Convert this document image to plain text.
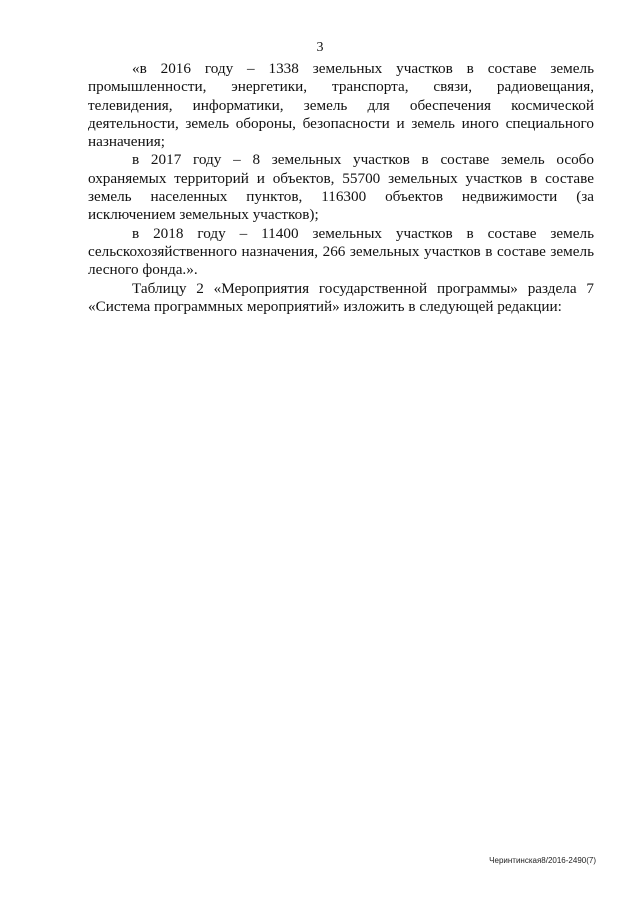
3

«в 2016 году – 1338 земельных участков в составе земель промышленности, энергетики, транспорта, связи, радиовещания, телевидения, информатики, земель для обеспечения космической деятельности, земель обороны, безопасности и земель иного специального назначения;

в 2017 году – 8 земельных участков в составе земель особо охраняемых территорий и объектов, 55700 земельных участков в составе земель населенных пунктов, 116300 объектов недвижимости (за исключением земельных участков);

в 2018 году – 11400 земельных участков в составе земель сельскохозяйственного назначения, 266 земельных участков в составе земель лесного фонда.».

Таблицу 2 «Мероприятия государственной программы» раздела 7 «Система программных мероприятий» изложить в следующей редакции:

Черинтинская8/2016-2490(7)
